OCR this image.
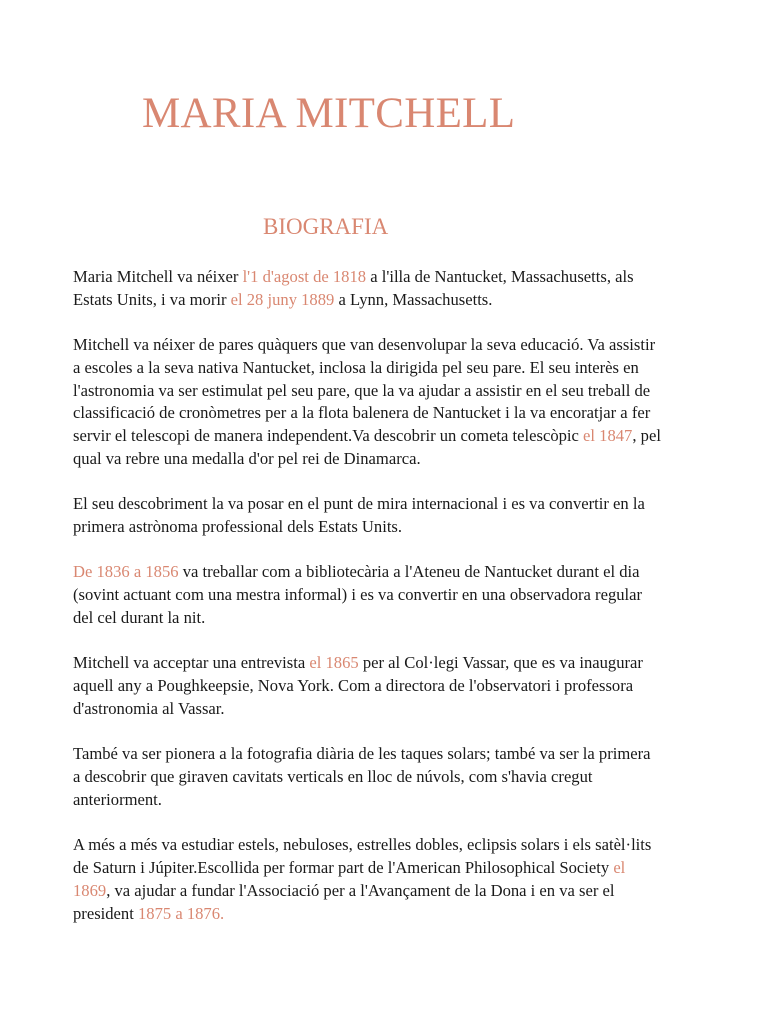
MARIA MITCHELL
BIOGRAFIA

Maria Mitchell va néixer l'1 d'agost de 1818 a l'illa de Nantucket, Massachusetts, als
Estats Units, i va morir el 28 juny 1889 a Lynn, Massachusetts.

Mitchell va néixer de pares quàquers que van desenvolupar la seva educació. Va assistir
a escoles a la seva nativa Nantucket, inclosa la dirigida pel seu pare. El seu interès en
l'astronomia va ser estimulat pel seu pare, que la va ajudar a assistir en el seu treball de
classificació de cronòmetres per a la flota balenera de Nantucket i la va encoratjar a fer
servir el telescopi de manera independent.Va descobrir un cometa telescòpic el 1847, pel
qual va rebre una medalla d'or pel rei de Dinamarca.

El seu descobriment la va posar en el punt de mira internacional i es va convertir en la
primera astrònoma professional dels Estats Units.

De 1836 a 1856 va treballar com a bibliotecària a l'Ateneu de Nantucket durant el dia
(sovint actuant com una mestra informal) i es va convertir en una observadora regular
del cel durant la nit.

Mitchell va acceptar una entrevista el 1865 per al Col·legi Vassar, que es va inaugurar
aquell any a Poughkeepsie, Nova York. Com a directora de l'observatori i professora
d'astronomia al Vassar.

També va ser pionera a la fotografia diària de les taques solars; també va ser la primera
a descobrir que giraven cavitats verticals en lloc de núvols, com s'havia cregut
anteriorment.

A més a més va estudiar estels, nebuloses, estrelles dobles, eclipsis solars i els satèl·lits
de Saturn i Júpiter.Escollida per formar part de l'American Philosophical Society el
1869, va ajudar a fundar l'Associació per a l'Avançament de la Dona i en va ser el
president 1875 a 1876.
